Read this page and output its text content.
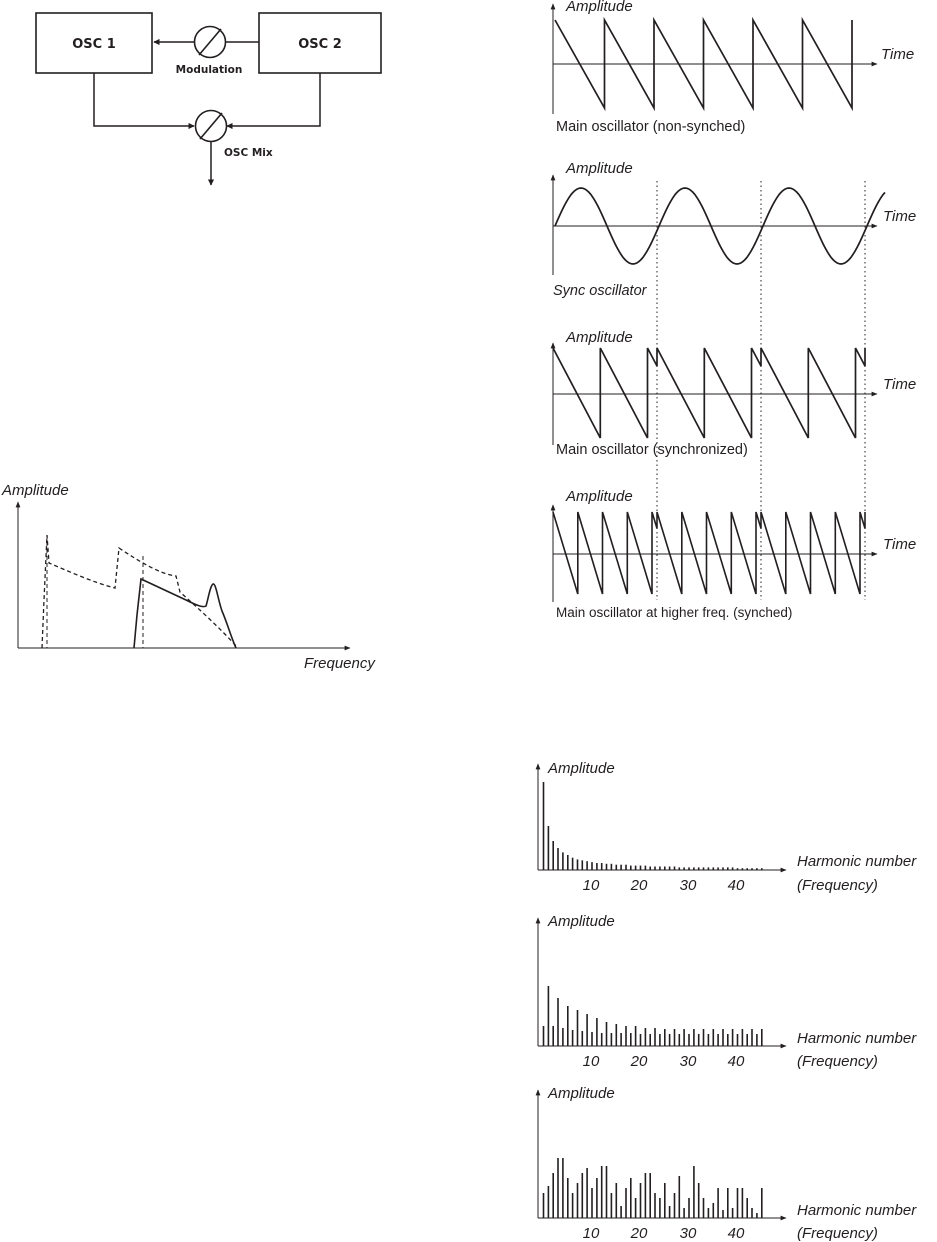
OSC 1	OSC 2
Modulation
OSC Mix
Amplitude
Frequency
Amplitude
Time
Main oscillator (non-synched)
Amplitude
Time
Sync oscillator
Amplitude
Time
Main oscillator (synchronized)
Amplitude
Time
Main oscillator at higher freq. (synched)
Amplitude
Harmonic number
(Frequency)
10 20 30 40
Amplitude
Harmonic number
(Frequency)
10 20 30 40
Amplitude
Harmonic number
(Frequency)
10 20 30 40
